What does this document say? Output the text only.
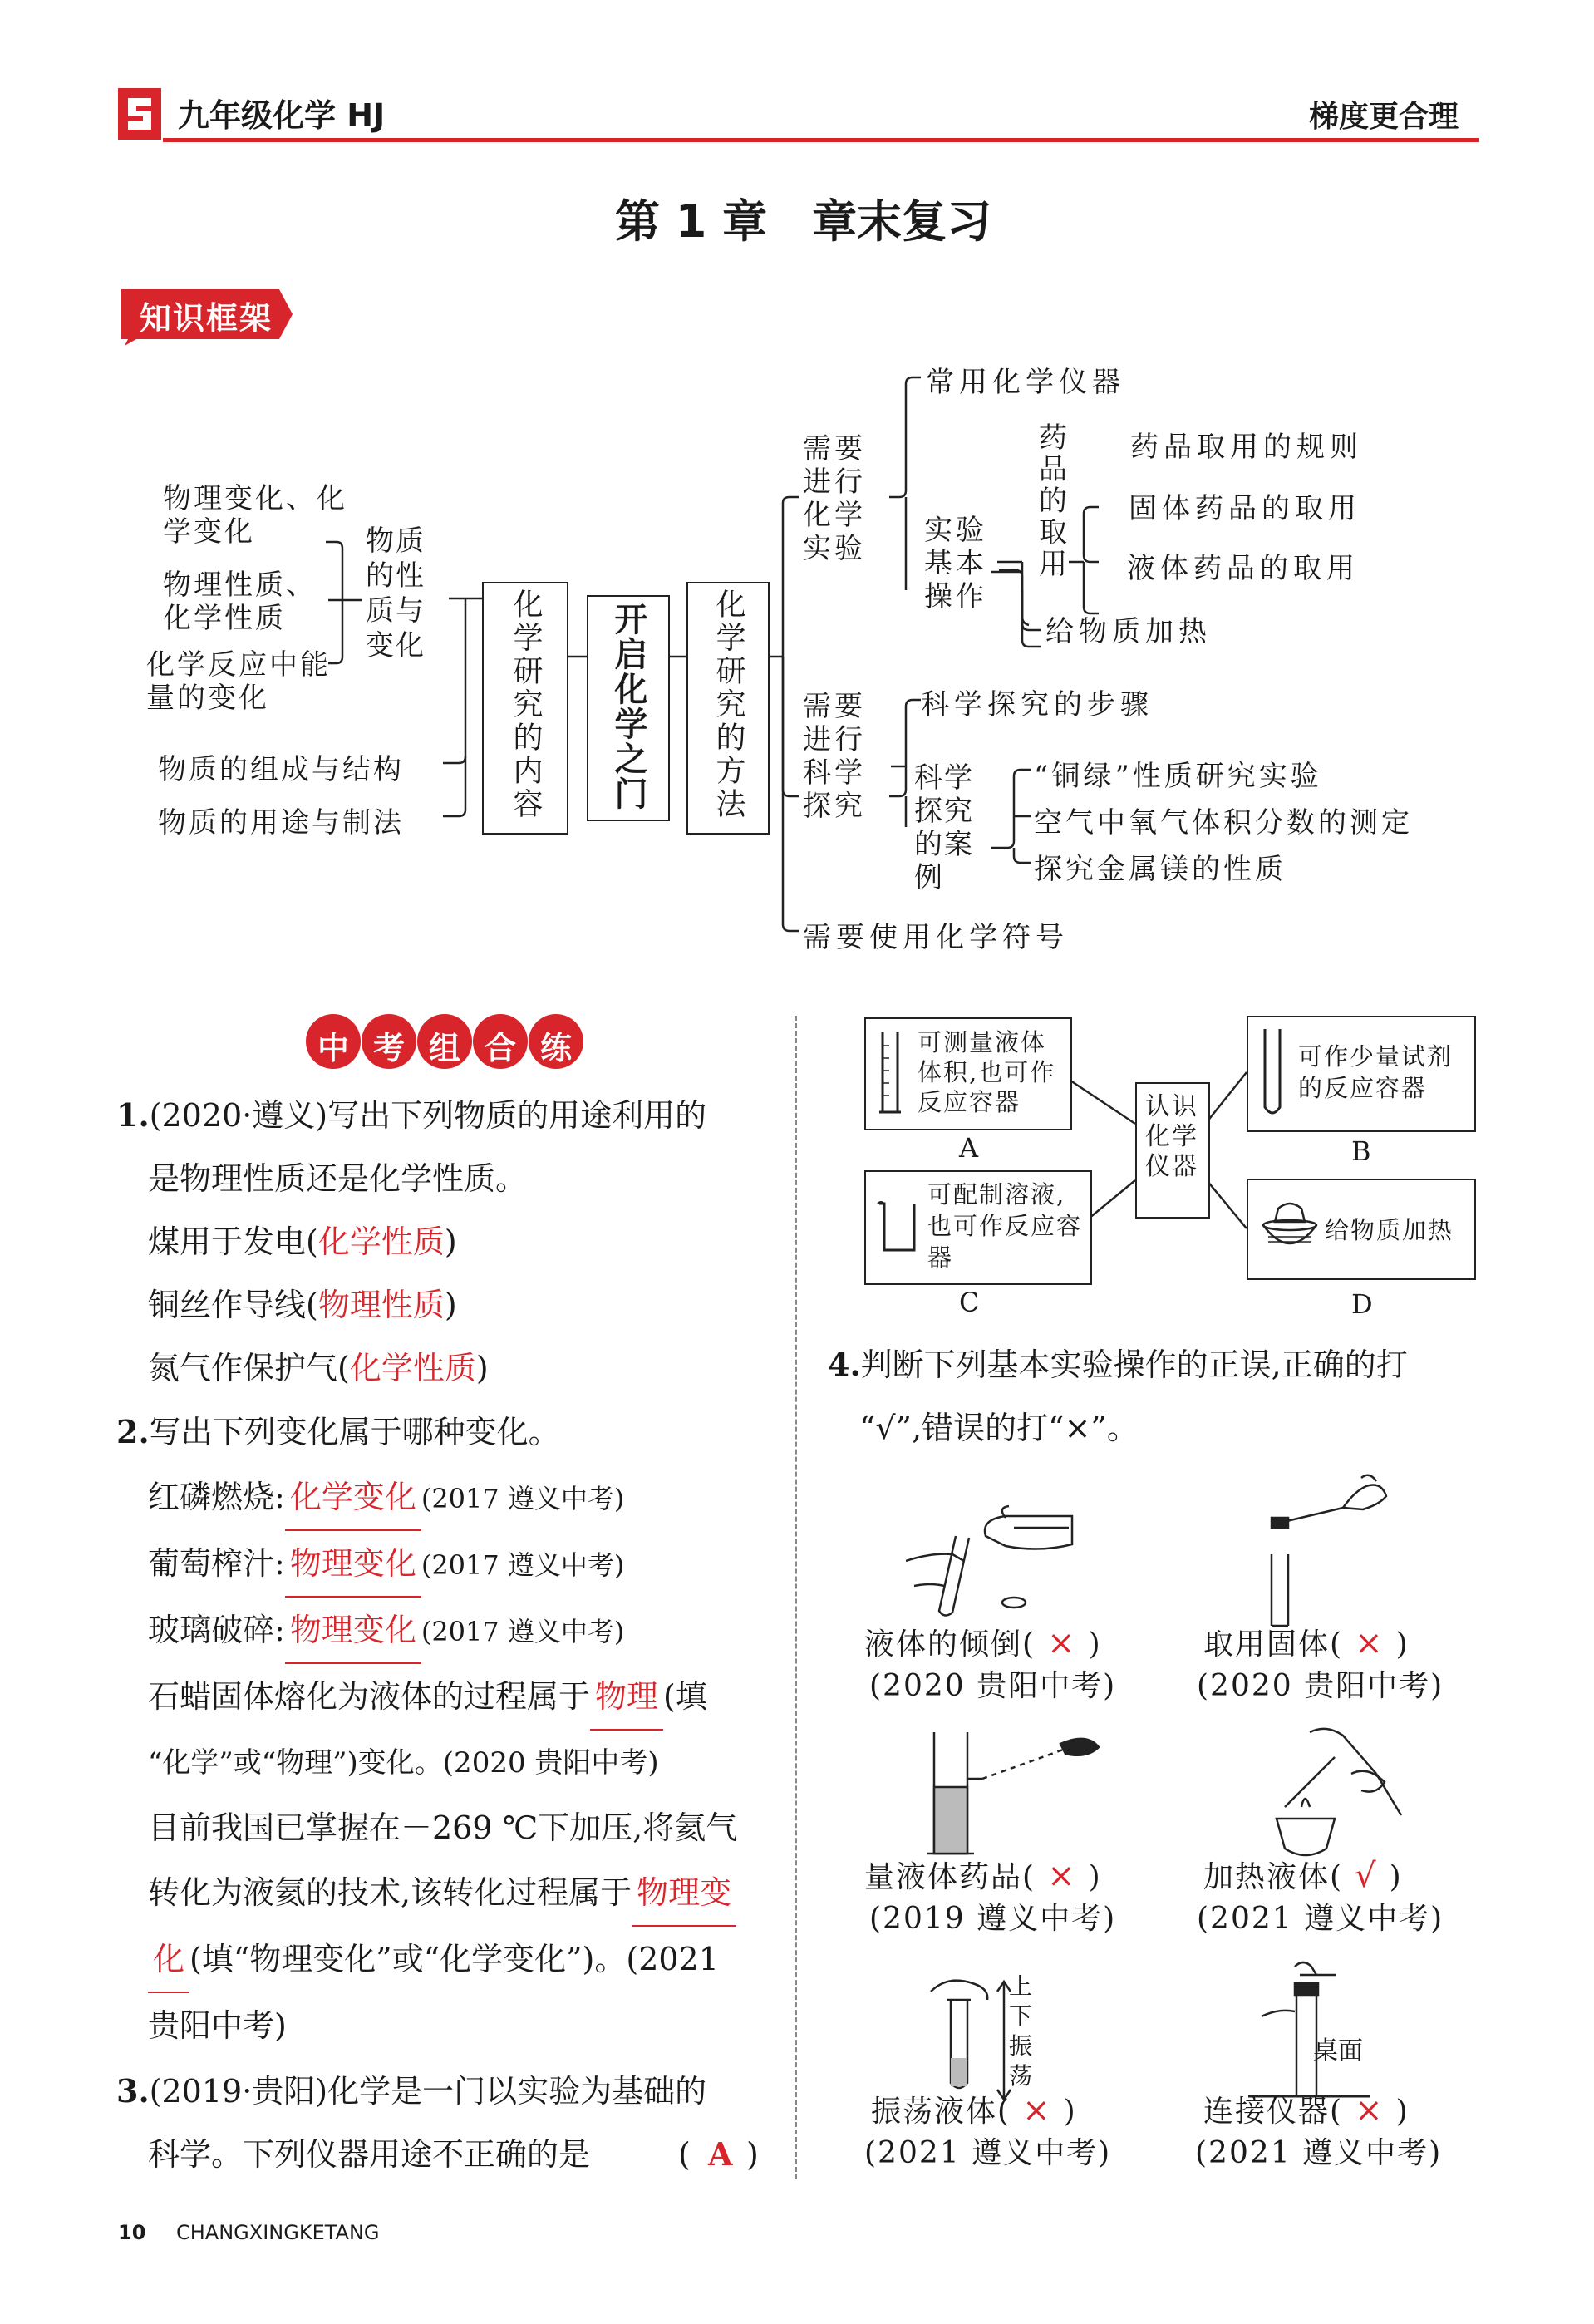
九年级化学 HJ	梯度更合理
第 1 章　章末复习
知识框架
物理变化、化学变化
物理性质、化学性质
化学反应中能量的变化
物质的性质与变化
物质的组成与结构
物质的用途与制法
化学研究的内容	开启化学之门	化学研究的方法
需要进行化学实验
常用化学仪器
实验基本操作
药品的取用
药品取用的规则
固体药品的取用
液体药品的取用
给物质加热
需要进行科学探究
科学探究的步骤
科学探究的案例
“铜绿”性质研究实验
空气中氧气体积分数的测定
探究金属镁的性质
需要使用化学符号
中 考 组 合 练
1.(2020·遵义)写出下列物质的用途利用的
是物理性质还是化学性质。
煤用于发电(化学性质)
铜丝作导线(物理性质)
氮气作保护气(化学性质)
2.写出下列变化属于哪种变化。
红磷燃烧: 化学变化 (2017 遵义中考)
葡萄榨汁: 物理变化 (2017 遵义中考)
玻璃破碎: 物理变化 (2017 遵义中考)
石蜡固体熔化为液体的过程属于 物理 (填
“化学”或“物理”)变化。(2020 贵阳中考)
目前我国已掌握在－269 ℃下加压,将氦气
转化为液氦的技术,该转化过程属于 物理变
化 (填“物理变化”或“化学变化”)。(2021
贵阳中考)
3.(2019·贵阳)化学是一门以实验为基础的
科学。下列仪器用途不正确的是	( A )
可测量液体体积,也可作反应容器
A
可作少量试剂的反应容器
B
认识化学仪器
可配制溶液,也可作反应容器
C
给物质加热
D
4.判断下列基本实验操作的正误,正确的打
“√”,错误的打“×”。
液体的倾倒( × )
(2020 贵阳中考)
取用固体( × )
(2020 贵阳中考)
量液体药品( × )
(2019 遵义中考)
加热液体( √ )
(2021 遵义中考)
上
下
振
荡
振荡液体( × )
(2021 遵义中考)
桌面
连接仪器( × )
(2021 遵义中考)
10 CHANGXINGKETANG
